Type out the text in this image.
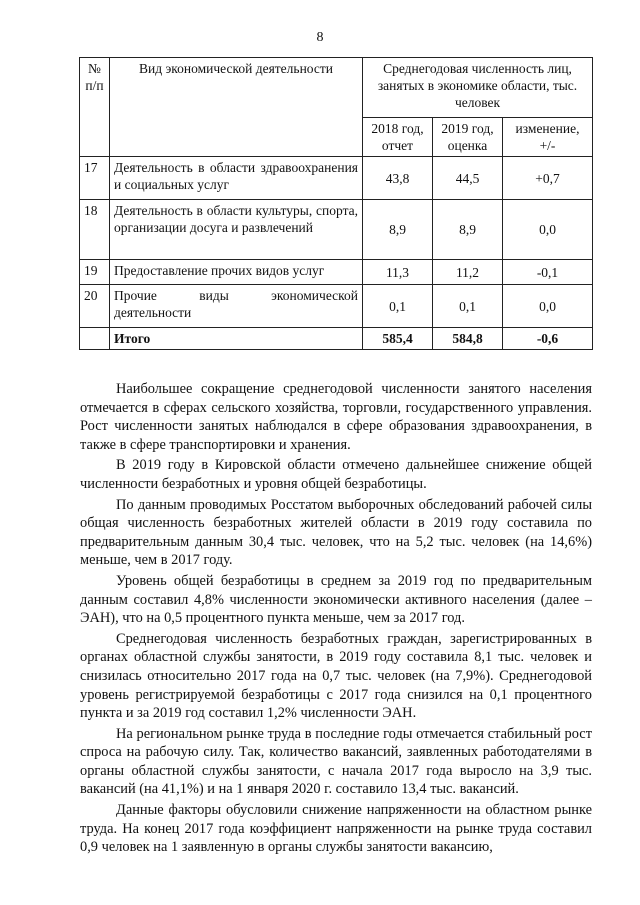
8
№ п/п	Вид экономической деятельности	Среднегодовая численность лиц, занятых в экономике области, тыс. человек		
		2018 год, отчет	2019 год, оценка	изменение, +/-
17	Деятельность в области здравоохранения и социальных услуг	43,8	44,5	+0,7
18	Деятельность в области культуры, спорта, организации досуга и развлечений	8,9	8,9	0,0
19	Предоставление прочих видов услуг	11,3	11,2	-0,1
20	Прочие виды экономической деятельности	0,1	0,1	0,0
	Итого	585,4	584,8	-0,6

Наибольшее сокращение среднегодовой численности занятого населения отмечается в сферах сельского хозяйства, торговли, государственного управления. Рост численности занятых наблюдался в сфере образования здравоохранения, в также в сфере транспортировки и хранения.

В 2019 году в Кировской области отмечено дальнейшее снижение общей численности безработных и уровня общей безработицы.

По данным проводимых Росстатом выборочных обследований рабочей силы общая численность безработных жителей области в 2019 году составила по предварительным данным 30,4 тыс. человек, что на 5,2 тыс. человек (на 14,6%) меньше, чем в 2017 году.

Уровень общей безработицы в среднем за 2019 год по предварительным данным составил 4,8% численности экономически активного населения (далее – ЭАН), что на 0,5 процентного пункта меньше, чем за 2017 год.

Среднегодовая численность безработных граждан, зарегистрированных в органах областной службы занятости, в 2019 году составила 8,1 тыс. человек и снизилась относительно 2017 года на 0,7 тыс. человек (на 7,9%). Среднегодовой уровень регистрируемой безработицы с 2017 года снизился на 0,1 процентного пункта и за 2019 год составил 1,2% численности ЭАН.

На региональном рынке труда в последние годы отмечается стабильный рост спроса на рабочую силу. Так, количество вакансий, заявленных работодателями в органы областной службы занятости, с начала 2017 года выросло на 3,9 тыс. вакансий (на 41,1%) и на 1 января 2020 г. составило 13,4 тыс. вакансий.

Данные факторы обусловили снижение напряженности на областном рынке труда. На конец 2017 года коэффициент напряженности на рынке труда составил 0,9 человек на 1 заявленную в органы службы занятости вакансию,
